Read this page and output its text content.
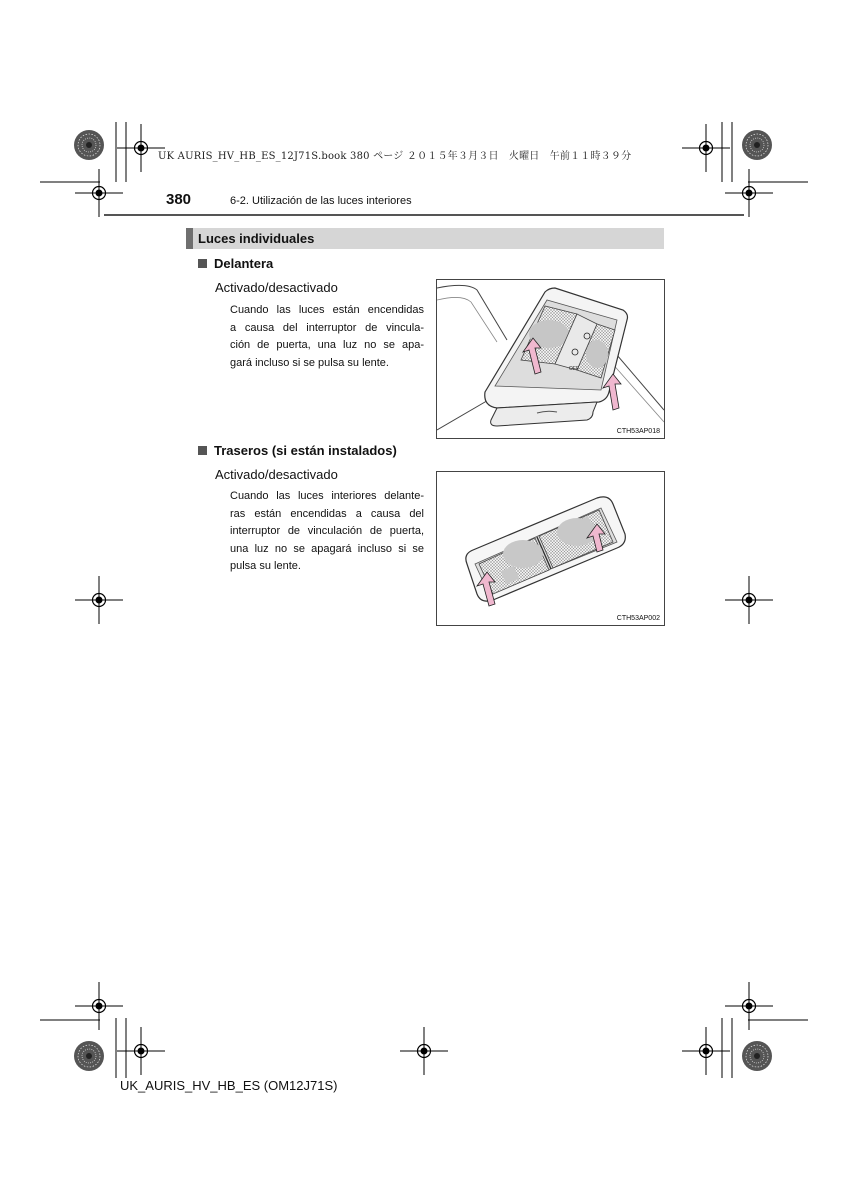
UK AURIS_HV_HB_ES_12J71S.book 380 ページ ２０１５年３月３日　火曜日　午前１１時３９分
380	6-2. Utilización de las luces interiores
Luces individuales
Delantera
Activado/desactivado
Cuando las luces están encendidas
a causa del interruptor de vincula-
ción de puerta, una luz no se apa-
gará incluso si se pulsa su lente.
OFF
CTH53AP018
Traseros (si están instalados)
Activado/desactivado
Cuando las luces interiores delante-
ras están encendidas a causa del
interruptor de vinculación de puerta,
una luz no se apagará incluso si se
pulsa su lente.
CTH53AP002
UK_AURIS_HV_HB_ES (OM12J71S)
